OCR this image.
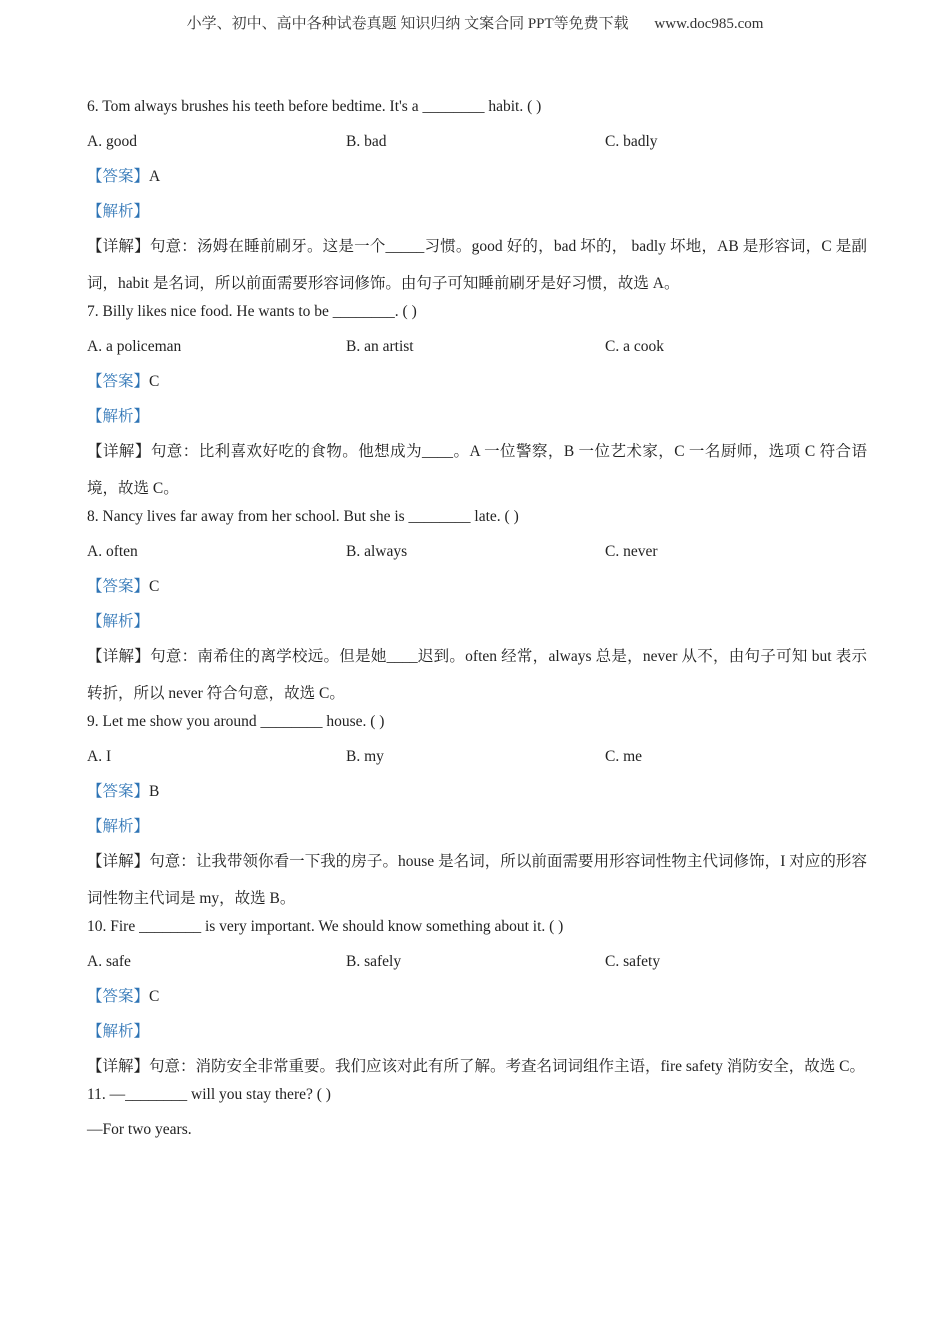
小学、初中、高中各种试卷真题 知识归纳 文案合同 PPT等免费下载 www.doc985.com
6. Tom always brushes his teeth before bedtime. It's a ________ habit. ( )
A. good	B. bad	C. badly
【答案】A
【解析】
【详解】句意：汤姆在睡前刷牙。这是一个_____习惯。good 好的，bad 坏的， badly 坏地，AB 是形容词，C 是副词，habit 是名词，所以前面需要形容词修饰。由句子可知睡前刷牙是好习惯，故选 A。
7. Billy likes nice food. He wants to be ________. ( )
A. a policeman	B. an artist	C. a cook
【答案】C
【解析】
【详解】句意：比利喜欢好吃的食物。他想成为____。A 一位警察，B 一位艺术家，C 一名厨师，选项 C 符合语境，故选 C。
8. Nancy lives far away from her school. But she is ________ late. ( )
A. often	B. always	C. never
【答案】C
【解析】
【详解】句意：南希住的离学校远。但是她____迟到。often 经常，always 总是，never 从不，由句子可知 but 表示转折，所以 never 符合句意，故选 C。
9. Let me show you around ________ house. ( )
A. I	B. my	C. me
【答案】B
【解析】
【详解】句意：让我带领你看一下我的房子。house 是名词，所以前面需要用形容词性物主代词修饰，I 对应的形容词性物主代词是 my，故选 B。
10. Fire ________ is very important. We should know something about it. ( )
A. safe	B. safely	C. safety
【答案】C
【解析】
【详解】句意：消防安全非常重要。我们应该对此有所了解。考查名词词组作主语，fire safety 消防安全，故选 C。
11. —________ will you stay there? ( )
—For two years.
